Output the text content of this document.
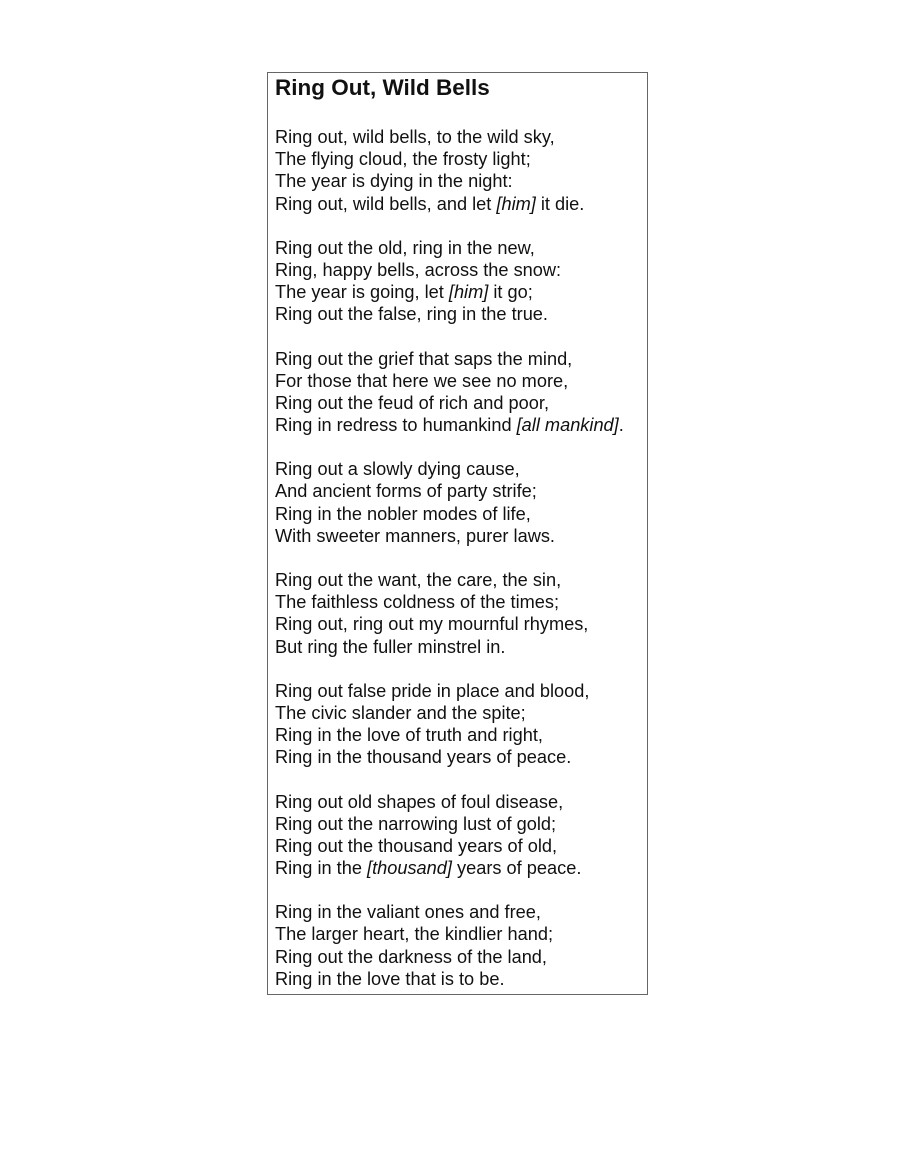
Ring Out, Wild Bells
Ring out, wild bells, to the wild sky,
The flying cloud, the frosty light;
The year is dying in the night:
Ring out, wild bells, and let [him] it die.
Ring out the old, ring in the new,
Ring, happy bells, across the snow:
The year is going, let [him] it go;
Ring out the false, ring in the true.
Ring out the grief that saps the mind,
For those that here we see no more,
Ring out the feud of rich and poor,
Ring in redress to humankind [all mankind].
Ring out a slowly dying cause,
And ancient forms of party strife;
Ring in the nobler modes of life,
With sweeter manners, purer laws.
Ring out the want, the care, the sin,
The faithless coldness of the times;
Ring out, ring out my mournful rhymes,
But ring the fuller minstrel in.
Ring out false pride in place and blood,
The civic slander and the spite;
Ring in the love of truth and right,
Ring in the thousand years of peace.
Ring out old shapes of foul disease,
Ring out the narrowing lust of gold;
Ring out the thousand years of old,
Ring in the [thousand] years of peace.
Ring in the valiant ones and free,
The larger heart, the kindlier hand;
Ring out the darkness of the land,
Ring in the love that is to be.
